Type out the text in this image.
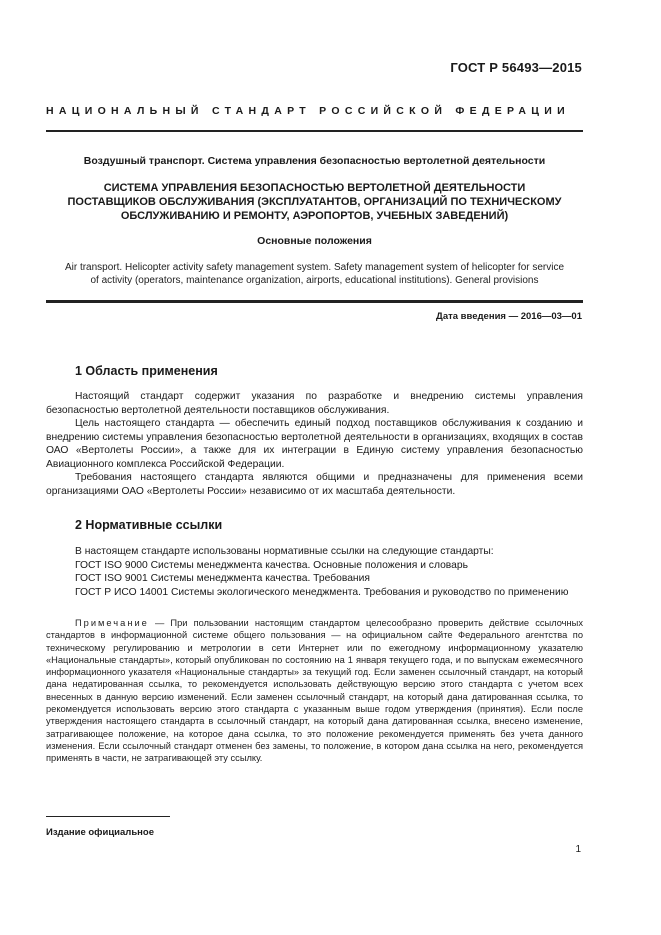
ГОСТ Р 56493—2015
НАЦИОНАЛЬНЫЙ СТАНДАРТ РОССИЙСКОЙ ФЕДЕРАЦИИ
Воздушный транспорт. Система управления безопасностью вертолетной деятельности
СИСТЕМА УПРАВЛЕНИЯ БЕЗОПАСНОСТЬЮ ВЕРТОЛЕТНОЙ ДЕЯТЕЛЬНОСТИ
ПОСТАВЩИКОВ ОБСЛУЖИВАНИЯ (ЭКСПЛУАТАНТОВ, ОРГАНИЗАЦИЙ ПО ТЕХНИЧЕСКОМУ
ОБСЛУЖИВАНИЮ И РЕМОНТУ, АЭРОПОРТОВ, УЧЕБНЫХ ЗАВЕДЕНИЙ)
Основные положения
Air transport. Helicopter activity safety management system. Safety management system of helicopter for service
of activity (operators, maintenance organization, airports, educational institutions). General provisions
Дата введения — 2016—03—01
1 Область применения

Настоящий стандарт содержит указания по разработке и внедрению системы управления безопасностью вертолетной деятельности поставщиков обслуживания.

Цель настоящего стандарта — обеспечить единый подход поставщиков обслуживания к созданию и внедрению системы управления безопасностью вертолетной деятельности в организациях, входящих в состав ОАО «Вертолеты России», а также для их интеграции в Единую систему управления безопасностью Авиационного комплекса Российской Федерации.

Требования настоящего стандарта являются общими и предназначены для применения всеми организациями ОАО «Вертолеты России» независимо от их масштаба деятельности.

2 Нормативные ссылки

В настоящем стандарте использованы нормативные ссылки на следующие стандарты:

ГОСТ ISO 9000 Системы менеджмента качества. Основные положения и словарь

ГОСТ ISO 9001 Системы менеджмента качества. Требования

ГОСТ Р ИСО 14001 Системы экологического менеджмента. Требования и руководство по применению

Примечание — При пользовании настоящим стандартом целесообразно проверить действие ссылочных стандартов в информационной системе общего пользования — на официальном сайте Федерального агентства по техническому регулированию и метрологии в сети Интернет или по ежегодному информационному указателю «Национальные стандарты», который опубликован по состоянию на 1 января текущего года, и по выпускам ежемесячного информационного указателя «Национальные стандарты» за текущий год. Если заменен ссылочный стандарт, на который дана недатированная ссылка, то рекомендуется использовать действующую версию этого стандарта с учетом всех внесенных в данную версию изменений. Если заменен ссылочный стандарт, на который дана датированная ссылка, то рекомендуется использовать версию этого стандарта с указанным выше годом утверждения (принятия). Если после утверждения настоящего стандарта в ссылочный стандарт, на который дана датированная ссылка, внесено изменение, затрагивающее положение, на которое дана ссылка, то это положение рекомендуется применять без учета данного изменения. Если ссылочный стандарт отменен без замены, то положение, в котором дана ссылка на него, рекомендуется применять в части, не затрагивающей эту ссылку.

Издание официальное
1
